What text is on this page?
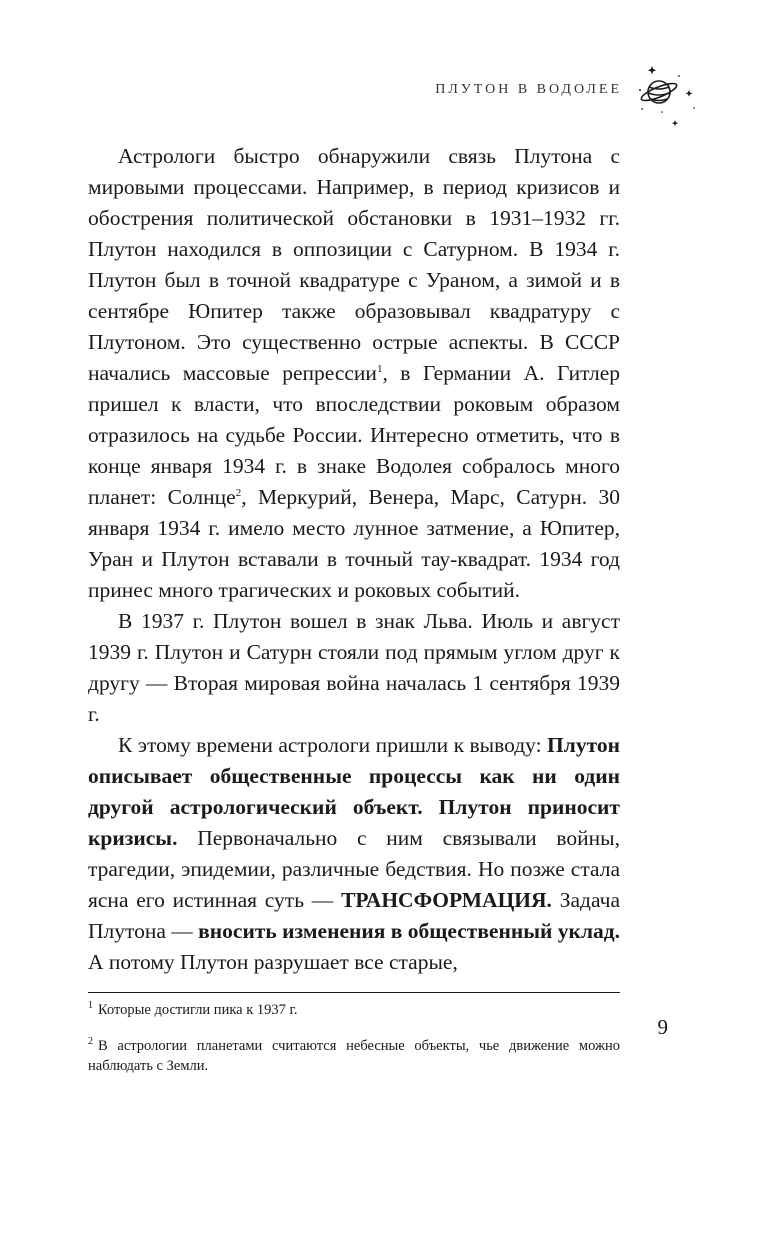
ПЛУТОН В ВОДОЛЕЕ

Астрологи быстро обнаружили связь Плутона с мировыми процессами. Например, в период кризисов и обострения политической обстановки в 1931–1932 гг. Плутон находился в оппозиции с Сатурном. В 1934 г. Плутон был в точной квадратуре с Ураном, а зимой и в сентябре Юпитер также образовывал квадратуру с Плутоном. Это существенно острые аспекты. В СССР начались массовые репрессии$^1$, в Германии А. Гитлер пришел к власти, что впоследствии роковым образом отразилось на судьбе России. Интересно отметить, что в конце января 1934 г. в знаке Водолея собралось много планет: Солнце$^2$, Меркурий, Венера, Марс, Сатурн. 30 января 1934 г. имело место лунное затмение, а Юпитер, Уран и Плутон вставали в точный тау-квадрат. 1934 год принес много трагических и роковых событий.

В 1937 г. Плутон вошел в знак Льва. Июль и август 1939 г. Плутон и Сатурн стояли под прямым углом друг к другу — Вторая мировая война началась 1 сентября 1939 г.

К этому времени астрологи пришли к выводу: Плутон описывает общественные процессы как ни один другой астрологический объект. Плутон приносит кризисы. Первоначально с ним связывали войны, трагедии, эпидемии, различные бедствия. Но позже стала ясна его истинная суть — ТРАНСФОРМАЦИЯ. Задача Плутона — вносить изменения в общественный уклад. А потому Плутон разрушает все старые,

$^1$ Которые достигли пика к 1937 г.

$^2$ В астрологии планетами считаются небесные объекты, чье движение можно наблюдать с Земли.

9
